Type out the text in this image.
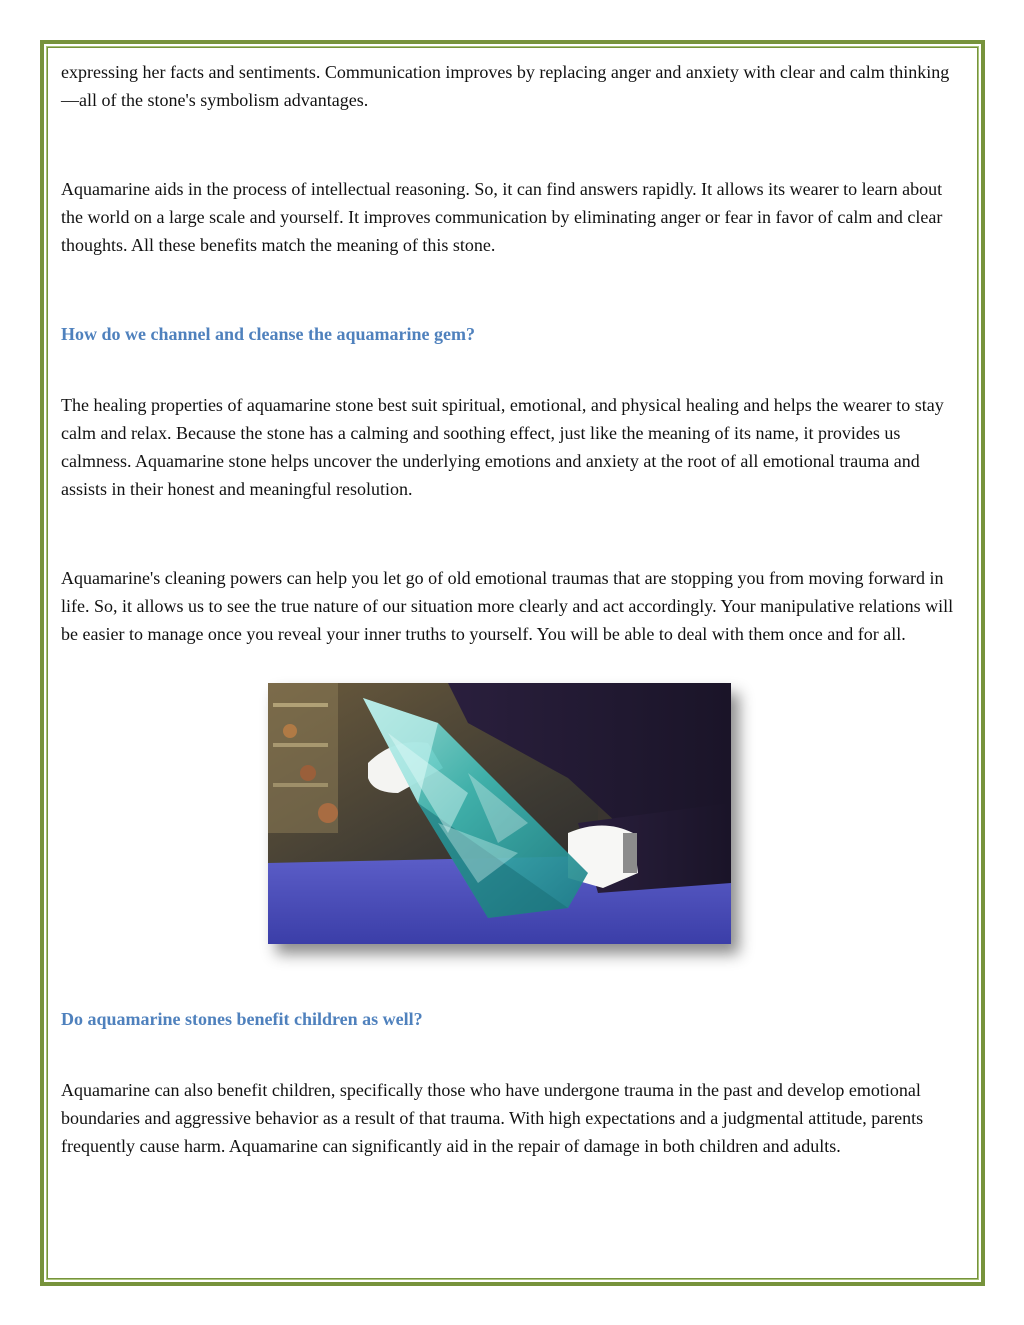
expressing her facts and sentiments. Communication improves by replacing anger and anxiety with clear and calm thinking—all of the stone's symbolism advantages.

Aquamarine aids in the process of intellectual reasoning. So, it can find answers rapidly. It allows its wearer to learn about the world on a large scale and yourself. It improves communication by eliminating anger or fear in favor of calm and clear thoughts. All these benefits match the meaning of this stone.

How do we channel and cleanse the aquamarine gem?

The healing properties of aquamarine stone best suit spiritual, emotional, and physical healing and helps the wearer to stay calm and relax. Because the stone has a calming and soothing effect, just like the meaning of its name, it provides us calmness. Aquamarine stone helps uncover the underlying emotions and anxiety at the root of all emotional trauma and assists in their honest and meaningful resolution.

Aquamarine's cleaning powers can help you let go of old emotional traumas that are stopping you from moving forward in life. So, it allows us to see the true nature of our situation more clearly and act accordingly. Your manipulative relations will be easier to manage once you reveal your inner truths to yourself. You will be able to deal with them once and for all.

Do aquamarine stones benefit children as well?

Aquamarine can also benefit children, specifically those who have undergone trauma in the past and develop emotional boundaries and aggressive behavior as a result of that trauma. With high expectations and a judgmental attitude, parents frequently cause harm. Aquamarine can significantly aid in the repair of damage in both children and adults.
